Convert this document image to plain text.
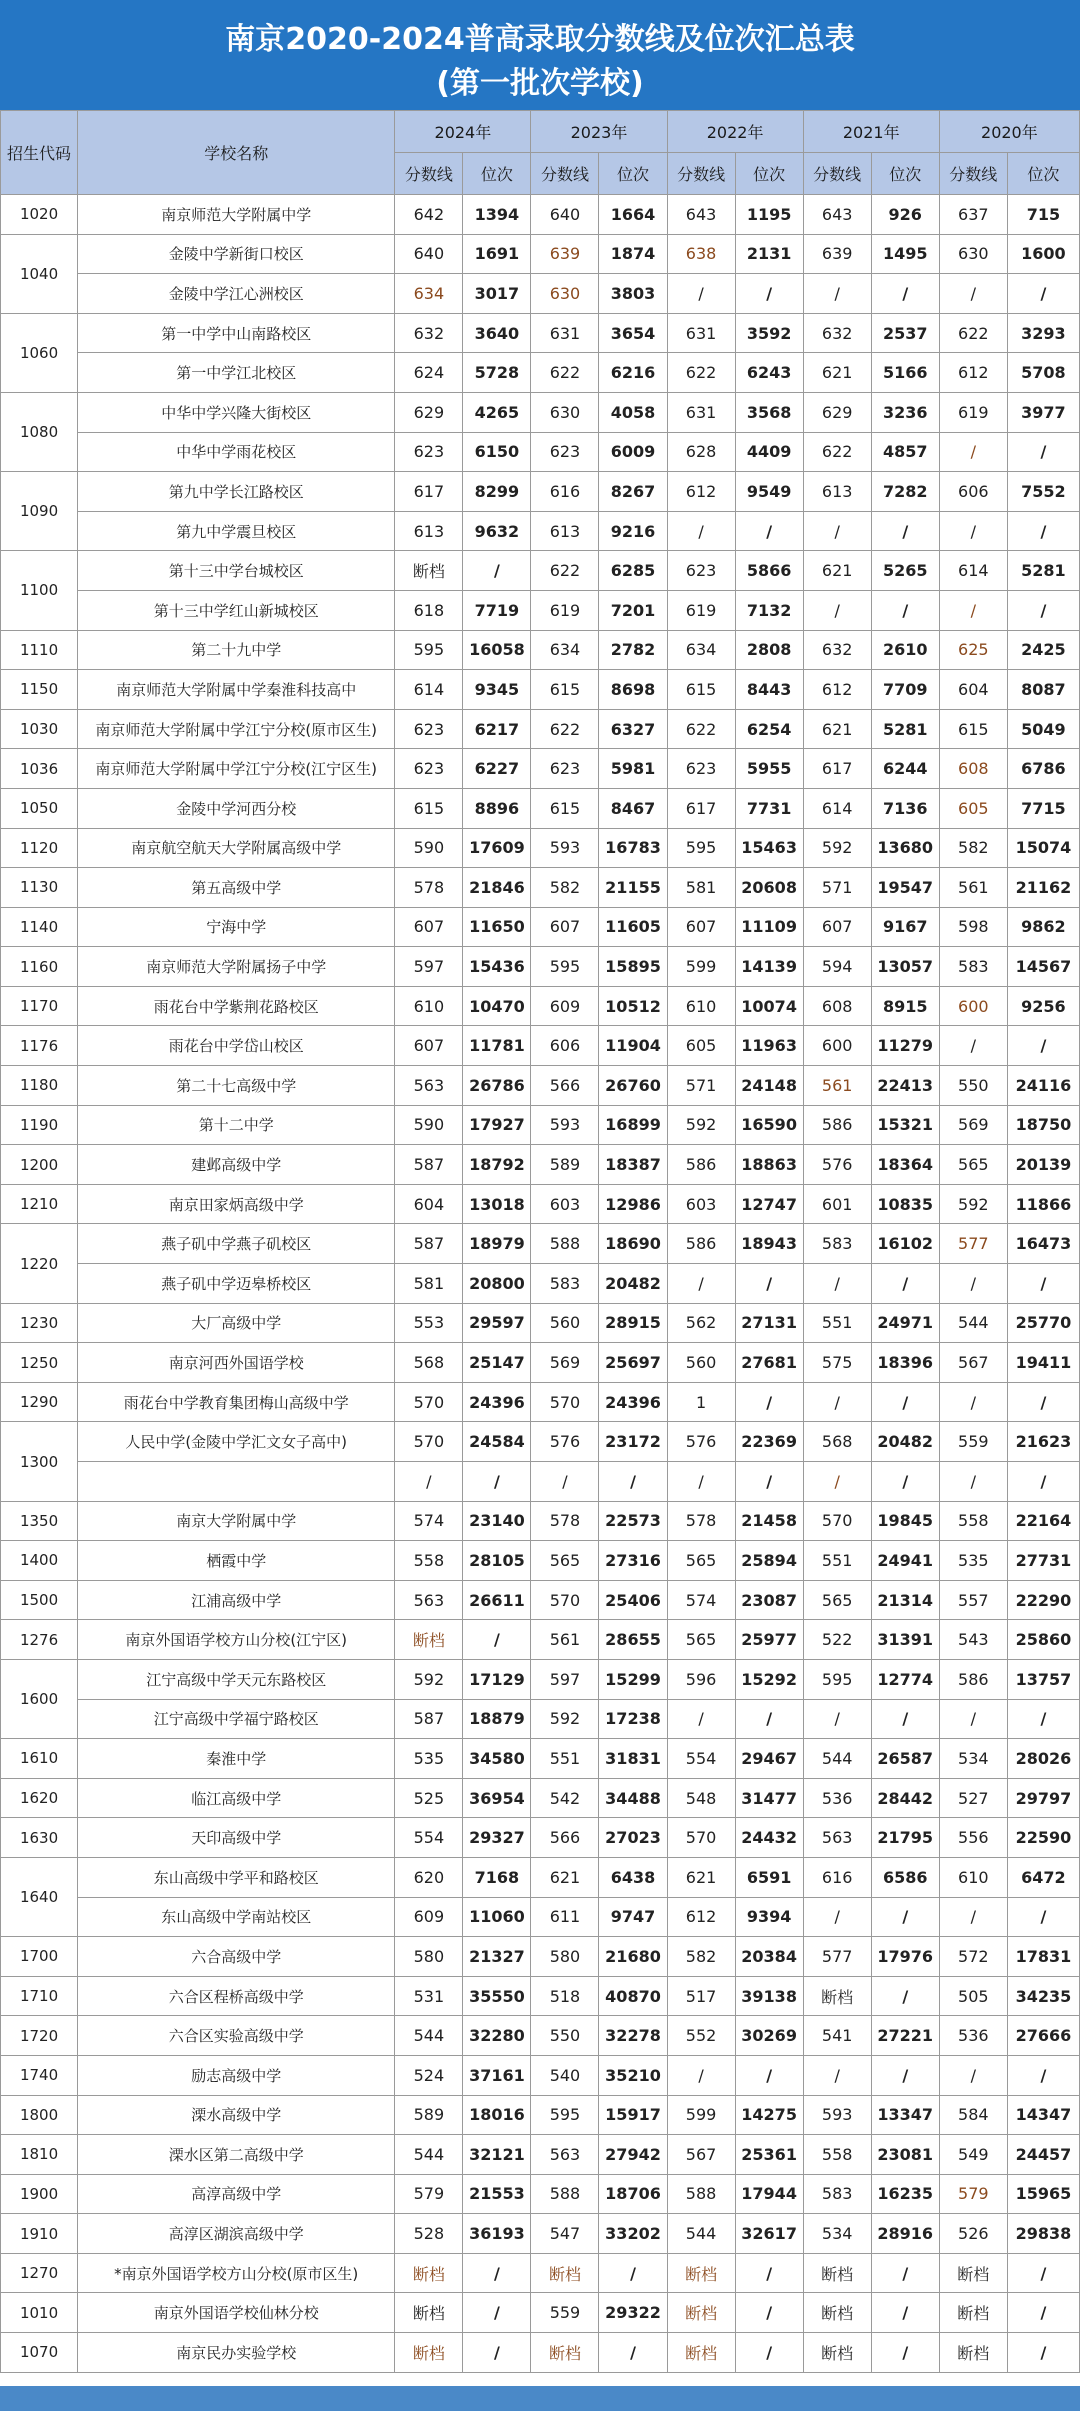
南京2020-2024普高录取分数线及位次汇总表
(第一批次学校)
招生代码	学校名称	2024年		2023年		2022年		2021年		2020年	
		分数线	位次	分数线	位次	分数线	位次	分数线	位次	分数线	位次
1020	南京师范大学附属中学	642	1394	640	1664	643	1195	643	926	637	715
1040	金陵中学新街口校区	640	1691	639	1874	638	2131	639	1495	630	1600
	金陵中学江心洲校区	634	3017	630	3803	/	/	/	/	/	/
1060	第一中学中山南路校区	632	3640	631	3654	631	3592	632	2537	622	3293
	第一中学江北校区	624	5728	622	6216	622	6243	621	5166	612	5708
1080	中华中学兴隆大街校区	629	4265	630	4058	631	3568	629	3236	619	3977
	中华中学雨花校区	623	6150	623	6009	628	4409	622	4857	/	/
1090	第九中学长江路校区	617	8299	616	8267	612	9549	613	7282	606	7552
	第九中学震旦校区	613	9632	613	9216	/	/	/	/	/	/
1100	第十三中学台城校区	断档	/	622	6285	623	5866	621	5265	614	5281
	第十三中学红山新城校区	618	7719	619	7201	619	7132	/	/	/	/
1110	第二十九中学	595	16058	634	2782	634	2808	632	2610	625	2425
1150	南京师范大学附属中学秦淮科技高中	614	9345	615	8698	615	8443	612	7709	604	8087
1030	南京师范大学附属中学江宁分校(原市区生)	623	6217	622	6327	622	6254	621	5281	615	5049
1036	南京师范大学附属中学江宁分校(江宁区生)	623	6227	623	5981	623	5955	617	6244	608	6786
1050	金陵中学河西分校	615	8896	615	8467	617	7731	614	7136	605	7715
1120	南京航空航天大学附属高级中学	590	17609	593	16783	595	15463	592	13680	582	15074
1130	第五高级中学	578	21846	582	21155	581	20608	571	19547	561	21162
1140	宁海中学	607	11650	607	11605	607	11109	607	9167	598	9862
1160	南京师范大学附属扬子中学	597	15436	595	15895	599	14139	594	13057	583	14567
1170	雨花台中学紫荆花路校区	610	10470	609	10512	610	10074	608	8915	600	9256
1176	雨花台中学岱山校区	607	11781	606	11904	605	11963	600	11279	/	/
1180	第二十七高级中学	563	26786	566	26760	571	24148	561	22413	550	24116
1190	第十二中学	590	17927	593	16899	592	16590	586	15321	569	18750
1200	建邺高级中学	587	18792	589	18387	586	18863	576	18364	565	20139
1210	南京田家炳高级中学	604	13018	603	12986	603	12747	601	10835	592	11866
1220	燕子矶中学燕子矶校区	587	18979	588	18690	586	18943	583	16102	577	16473
	燕子矶中学迈皋桥校区	581	20800	583	20482	/	/	/	/	/	/
1230	大厂高级中学	553	29597	560	28915	562	27131	551	24971	544	25770
1250	南京河西外国语学校	568	25147	569	25697	560	27681	575	18396	567	19411
1290	雨花台中学教育集团梅山高级中学	570	24396	570	24396	1	/	/	/	/	/
1300	人民中学(金陵中学汇文女子高中)	570	24584	576	23172	576	22369	568	20482	559	21623
		/	/	/	/	/	/	/	/	/	/
1350	南京大学附属中学	574	23140	578	22573	578	21458	570	19845	558	22164
1400	栖霞中学	558	28105	565	27316	565	25894	551	24941	535	27731
1500	江浦高级中学	563	26611	570	25406	574	23087	565	21314	557	22290
1276	南京外国语学校方山分校(江宁区)	断档	/	561	28655	565	25977	522	31391	543	25860
1600	江宁高级中学天元东路校区	592	17129	597	15299	596	15292	595	12774	586	13757
	江宁高级中学福宁路校区	587	18879	592	17238	/	/	/	/	/	/
1610	秦淮中学	535	34580	551	31831	554	29467	544	26587	534	28026
1620	临江高级中学	525	36954	542	34488	548	31477	536	28442	527	29797
1630	天印高级中学	554	29327	566	27023	570	24432	563	21795	556	22590
1640	东山高级中学平和路校区	620	7168	621	6438	621	6591	616	6586	610	6472
	东山高级中学南站校区	609	11060	611	9747	612	9394	/	/	/	/
1700	六合高级中学	580	21327	580	21680	582	20384	577	17976	572	17831
1710	六合区程桥高级中学	531	35550	518	40870	517	39138	断档	/	505	34235
1720	六合区实验高级中学	544	32280	550	32278	552	30269	541	27221	536	27666
1740	励志高级中学	524	37161	540	35210	/	/	/	/	/	/
1800	溧水高级中学	589	18016	595	15917	599	14275	593	13347	584	14347
1810	溧水区第二高级中学	544	32121	563	27942	567	25361	558	23081	549	24457
1900	高淳高级中学	579	21553	588	18706	588	17944	583	16235	579	15965
1910	高淳区湖滨高级中学	528	36193	547	33202	544	32617	534	28916	526	29838
1270	*南京外国语学校方山分校(原市区生)	断档	/	断档	/	断档	/	断档	/	断档	/
1010	南京外国语学校仙林分校	断档	/	559	29322	断档	/	断档	/	断档	/
1070	南京民办实验学校	断档	/	断档	/	断档	/	断档	/	断档	/
